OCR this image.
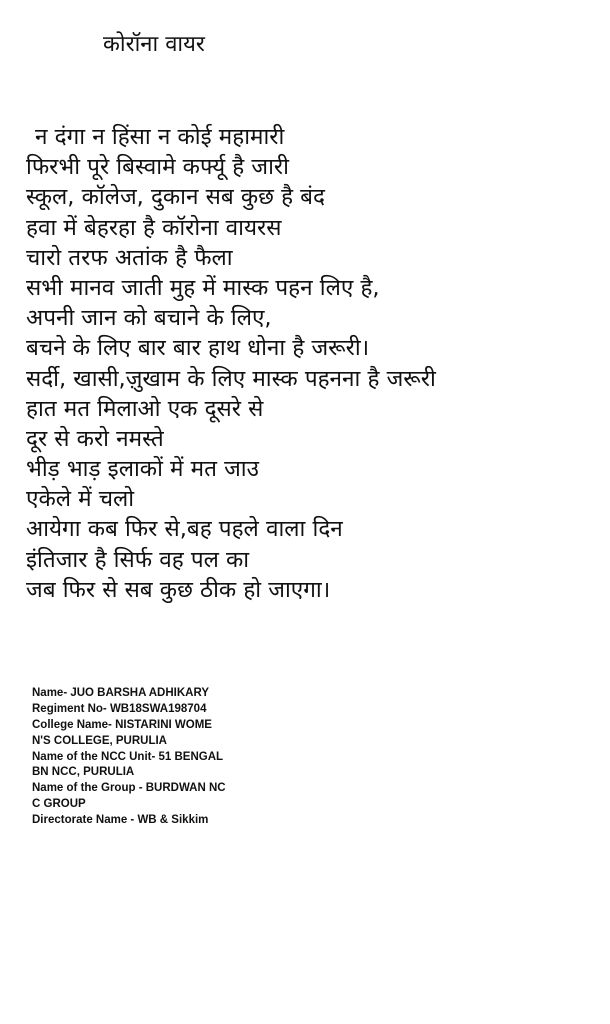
कोरॉना वायर
न दंगा न हिंसा न कोई महामारी
फिरभी पूरे बिस्वामे कर्फ्यू है जारी
स्कूल, कॉलेज, दुकान सब कुछ है बंद
हवा में बेहरहा है कॉरोना वायरस
चारो तरफ अतांक है फैला
सभी मानव जाती मुह में मास्क पहन लिए है,
अपनी जान को बचाने के लिए,
बचने के लिए बार बार हाथ धोना है जरूरी।
सर्दी, खासी,ज़ुखाम के लिए मास्क पहनना है जरूरी
हात मत मिलाओ एक दूसरे से
दूर से करो नमस्ते
भीड़ भाड़ इलाकों में मत जाउ
एकेले में चलो
आयेगा कब फिर से,बह पहले वाला दिन
इंतिजार है सिर्फ वह पल का
जब फिर से सब कुछ ठीक हो जाएगा।
Name- JUO BARSHA ADHIKARY
Regiment No- WB18SWA198704
College Name- NISTARINI WOME
N'S COLLEGE, PURULIA
Name of the NCC Unit- 51 BENGAL
BN NCC, PURULIA
Name of the Group - BURDWAN NC
C GROUP
Directorate Name - WB & Sikkim
